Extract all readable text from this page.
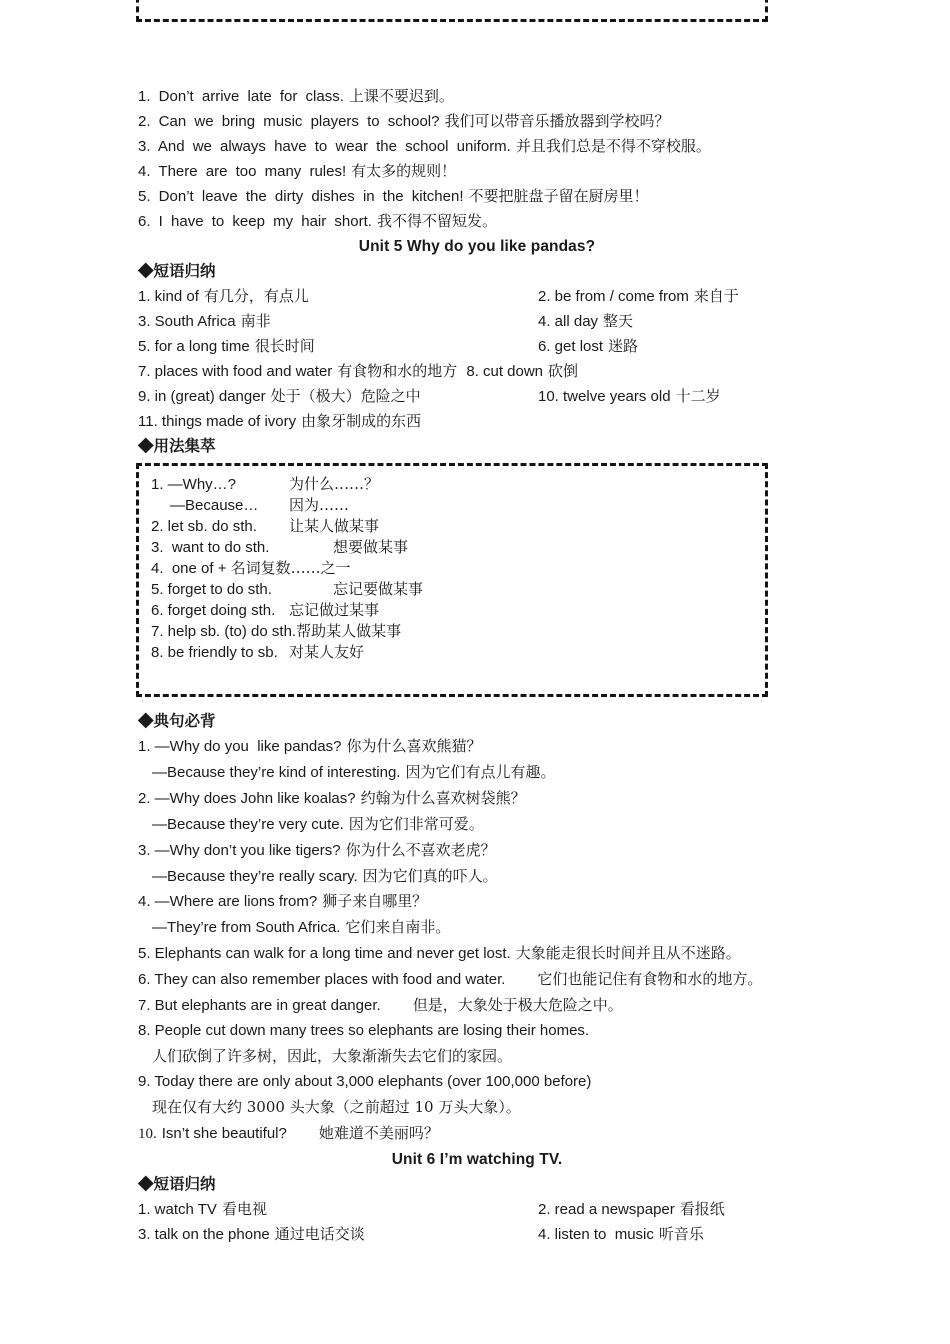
1. Don’t arrive late for class. 上课不要迟到。
2. Can we bring music players to school? 我们可以带音乐播放器到学校吗？
3. And we always have to wear the school uniform. 并且我们总是不得不穿校服。
4. There are too many rules! 有太多的规则！
5. Don’t leave the dirty dishes in the kitchen! 不要把脏盘子留在厨房里！
6. I have to keep my hair short. 我不得不留短发。
Unit 5 Why do you like pandas?
◆短语归纳
1. kind of 有几分，有点儿	2. be from / come from 来自于
3. South Africa 南非	4. all day 整天
5. for a long time 很长时间	6. get lost 迷路
7. places with food and water 有食物和水的地方 8. cut down 砍倒
9. in (great) danger 处于（极大）危险之中	10. twelve years old 十二岁
11. things made of ivory 由象牙制成的东西
◆用法集萃
1. —Why…?	为什么……？
—Because…	因为……
2. let sb. do sth.	让某人做某事
3.  want to do sth.	想要做某事
4.  one of + 名词复数 ……之一
5. forget to do sth.	忘记要做某事
6. forget doing sth. 忘记做过某事
7. help sb. (to) do sth. 帮助某人做某事
8. be friendly to sb. 对某人友好
◆典句必背
1. —Why do you  like pandas? 你为什么喜欢熊猫？
—Because they’re kind of interesting. 因为它们有点儿有趣。
2. —Why does John like koalas? 约翰为什么喜欢树袋熊？
—Because they’re very cute. 因为它们非常可爱。
3. —Why don’t you like tigers? 你为什么不喜欢老虎？
—Because they’re really scary. 因为它们真的吓人。
4. —Where are lions from? 狮子来自哪里？
—They’re from South Africa. 它们来自南非。
5. Elephants can walk for a long time and never get lost. 大象能走很长时间并且从不迷路。
6. They can also remember places with food and water. 它们也能记住有食物和水的地方。
7. But elephants are in great danger. 但是，大象处于极大危险之中。
8. People cut down many trees so elephants are losing their homes.
人们砍倒了许多树，因此，大象渐渐失去它们的家园。
9. Today there are only about 3,000 elephants (over 100,000 before)
现在仅有大约 3000 头大象（之前超过 10 万头大象）。
10. Isn’t she beautiful? 她难道不美丽吗？
Unit 6 I’m watching TV.
◆短语归纳
1. watch TV 看电视	2. read a newspaper 看报纸
3. talk on the phone 通过电话交谈	4. listen to  music 听音乐
